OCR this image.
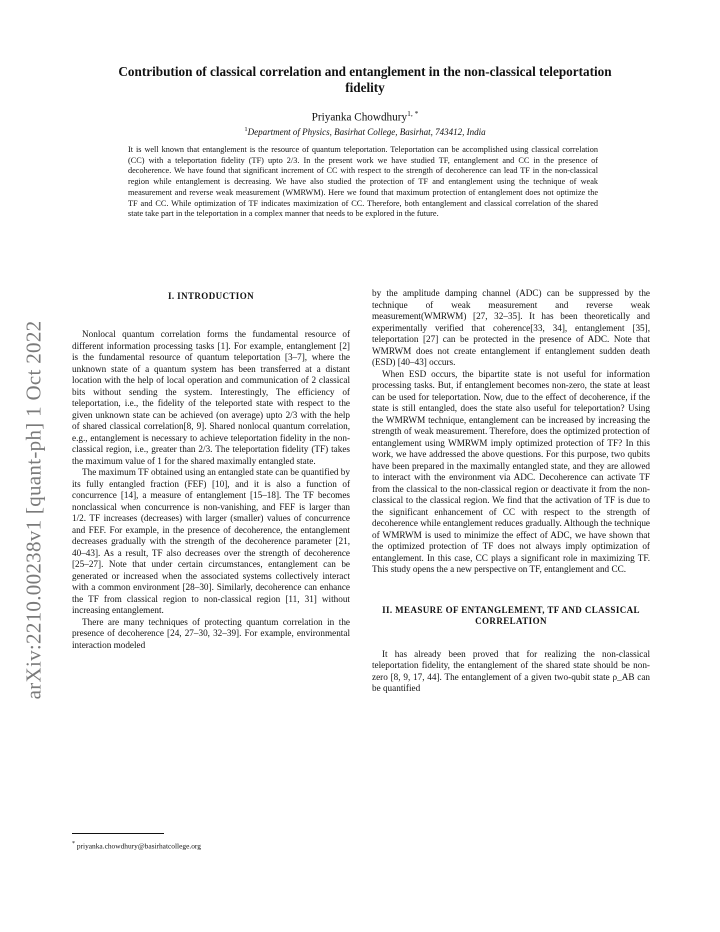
arXiv:2210.00238v1 [quant-ph] 1 Oct 2022
Contribution of classical correlation and entanglement in the non-classical teleportation fidelity
Priyanka Chowdhury$^{1, *}$
$^1$Department of Physics, Basirhat College, Basirhat, 743412, India
It is well known that entanglement is the resource of quantum teleportation. Teleportation can be accomplished using classical correlation (CC) with a teleportation fidelity (TF) upto 2/3. In the present work we have studied TF, entanglement and CC in the presence of decoherence. We have found that significant increment of CC with respect to the strength of decoherence can lead TF in the non-classical region while entanglement is decreasing. We have also studied the protection of TF and entanglement using the technique of weak measurement and reverse weak measurement (WMRWM). Here we found that maximum protection of entanglement does not optimize the TF and CC. While optimization of TF indicates maximization of CC. Therefore, both entanglement and classical correlation of the shared state take part in the teleportation in a complex manner that needs to be explored in the future.
I. INTRODUCTION

Nonlocal quantum correlation forms the fundamental resource of different information processing tasks [1]. For example, entanglement [2] is the fundamental resource of quantum teleportation [3–7], where the unknown state of a quantum system has been transferred at a distant location with the help of local operation and communication of 2 classical bits without sending the system. Interestingly, The efficiency of teleportation, i.e., the fidelity of the teleported state with respect to the given unknown state can be achieved (on average) upto 2/3 with the help of shared classical correlation[8, 9]. Shared nonlocal quantum correlation, e.g., entanglement is necessary to achieve teleportation fidelity in the non-classical region, i.e., greater than 2/3. The teleportation fidelity (TF) takes the maximum value of 1 for the shared maximally entangled state.

The maximum TF obtained using an entangled state can be quantified by its fully entangled fraction (FEF) [10], and it is also a function of concurrence [14], a measure of entanglement [15–18]. The TF becomes nonclassical when concurrence is non-vanishing, and FEF is larger than 1/2. TF increases (decreases) with larger (smaller) values of concurrence and FEF. For example, in the presence of decoherence, the entanglement decreases gradually with the strength of the decoherence parameter [21, 40–43]. As a result, TF also decreases over the strength of decoherence [25–27]. Note that under certain circumstances, entanglement can be generated or increased when the associated systems collectively interact with a common environment [28–30]. Similarly, decoherence can enhance the TF from classical region to non-classical region [11, 31] without increasing entanglement.

There are many techniques of protecting quantum correlation in the presence of decoherence [24, 27–30, 32–39]. For example, environmental interaction modeled

by the amplitude damping channel (ADC) can be suppressed by the technique of weak measurement and reverse weak measurement(WMRWM) [27, 32–35]. It has been theoretically and experimentally verified that coherence[33, 34], entanglement [35], teleportation [27] can be protected in the presence of ADC. Note that WMRWM does not create entanglement if entanglement sudden death (ESD) [40–43] occurs.

When ESD occurs, the bipartite state is not useful for information processing tasks. But, if entanglement becomes non-zero, the state at least can be used for teleportation. Now, due to the effect of decoherence, if the state is still entangled, does the state also useful for teleportation? Using the WMRWM technique, entanglement can be increased by increasing the strength of weak measurement. Therefore, does the optimized protection of entanglement using WMRWM imply optimized protection of TF? In this work, we have addressed the above questions. For this purpose, two qubits have been prepared in the maximally entangled state, and they are allowed to interact with the environment via ADC. Decoherence can activate TF from the classical to the non-classical region or deactivate it from the non-classical to the classical region. We find that the activation of TF is due to the significant enhancement of CC with respect to the strength of decoherence while entanglement reduces gradually. Although the technique of WMRWM is used to minimize the effect of ADC, we have shown that the optimized protection of TF does not always imply optimization of entanglement. In this case, CC plays a significant role in maximizing TF. This study opens the a new perspective on TF, entanglement and CC.

II. MEASURE OF ENTANGLEMENT, TF AND CLASSICAL CORRELATION

It has already been proved that for realizing the non-classical teleportation fidelity, the entanglement of the shared state should be non-zero [8, 9, 17, 44]. The entanglement of a given two-qubit state ρ_AB can be quantified

* priyanka.chowdhury@basirhatcollege.org
